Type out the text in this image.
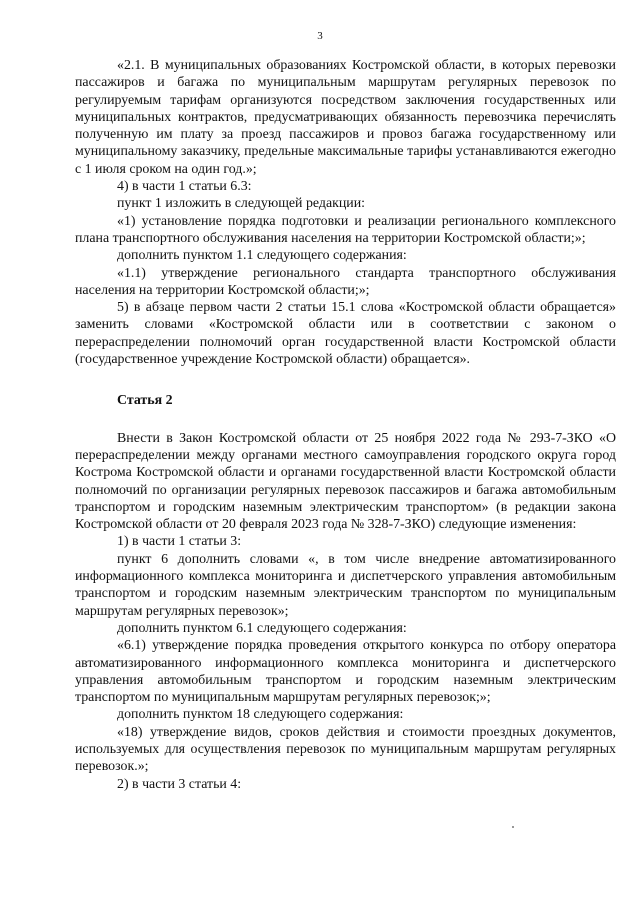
3

«2.1. В муниципальных образованиях Костромской области, в которых перевозки пассажиров и багажа по муниципальным маршрутам регулярных перевозок по регулируемым тарифам организуются посредством заключения государственных или муниципальных контрактов, предусматривающих обязанность перевозчика перечислять полученную им плату за проезд пассажиров и провоз багажа государственному или муниципальному заказчику, предельные максимальные тарифы устанавливаются ежегодно с 1 июля сроком на один год.»;

4) в части 1 статьи 6.3:

пункт 1 изложить в следующей редакции:

«1) установление порядка подготовки и реализации регионального комплексного плана транспортного обслуживания населения на территории Костромской области;»;

дополнить пунктом 1.1 следующего содержания:

«1.1) утверждение регионального стандарта транспортного обслуживания населения на территории Костромской области;»;

5) в абзаце первом части 2 статьи 15.1 слова «Костромской области обращается» заменить словами «Костромской области или в соответствии с законом о перераспределении полномочий орган государственной власти Костромской области (государственное учреждение Костромской области) обращается».

Статья 2

Внести в Закон Костромской области от 25 ноября 2022 года № 293-7-ЗКО «О перераспределении между органами местного самоуправления городского округа город Кострома Костромской области и органами государственной власти Костромской области полномочий по организации регулярных перевозок пассажиров и багажа автомобильным транспортом и городским наземным электрическим транспортом» (в редакции закона Костромской области от 20 февраля 2023 года № 328-7-ЗКО) следующие изменения:

1) в части 1 статьи 3:

пункт 6 дополнить словами «, в том числе внедрение автоматизированного информационного комплекса мониторинга и диспетчерского управления автомобильным транспортом и городским наземным электрическим транспортом по муниципальным маршрутам регулярных перевозок»;

дополнить пунктом 6.1 следующего содержания:

«6.1) утверждение порядка проведения открытого конкурса по отбору оператора автоматизированного информационного комплекса мониторинга и диспетчерского управления автомобильным транспортом и городским наземным электрическим транспортом по муниципальным маршрутам регулярных перевозок;»;

дополнить пунктом 18 следующего содержания:

«18) утверждение видов, сроков действия и стоимости проездных документов, используемых для осуществления перевозок по муниципальным маршрутам регулярных перевозок.»;

2) в части 3 статьи 4:
